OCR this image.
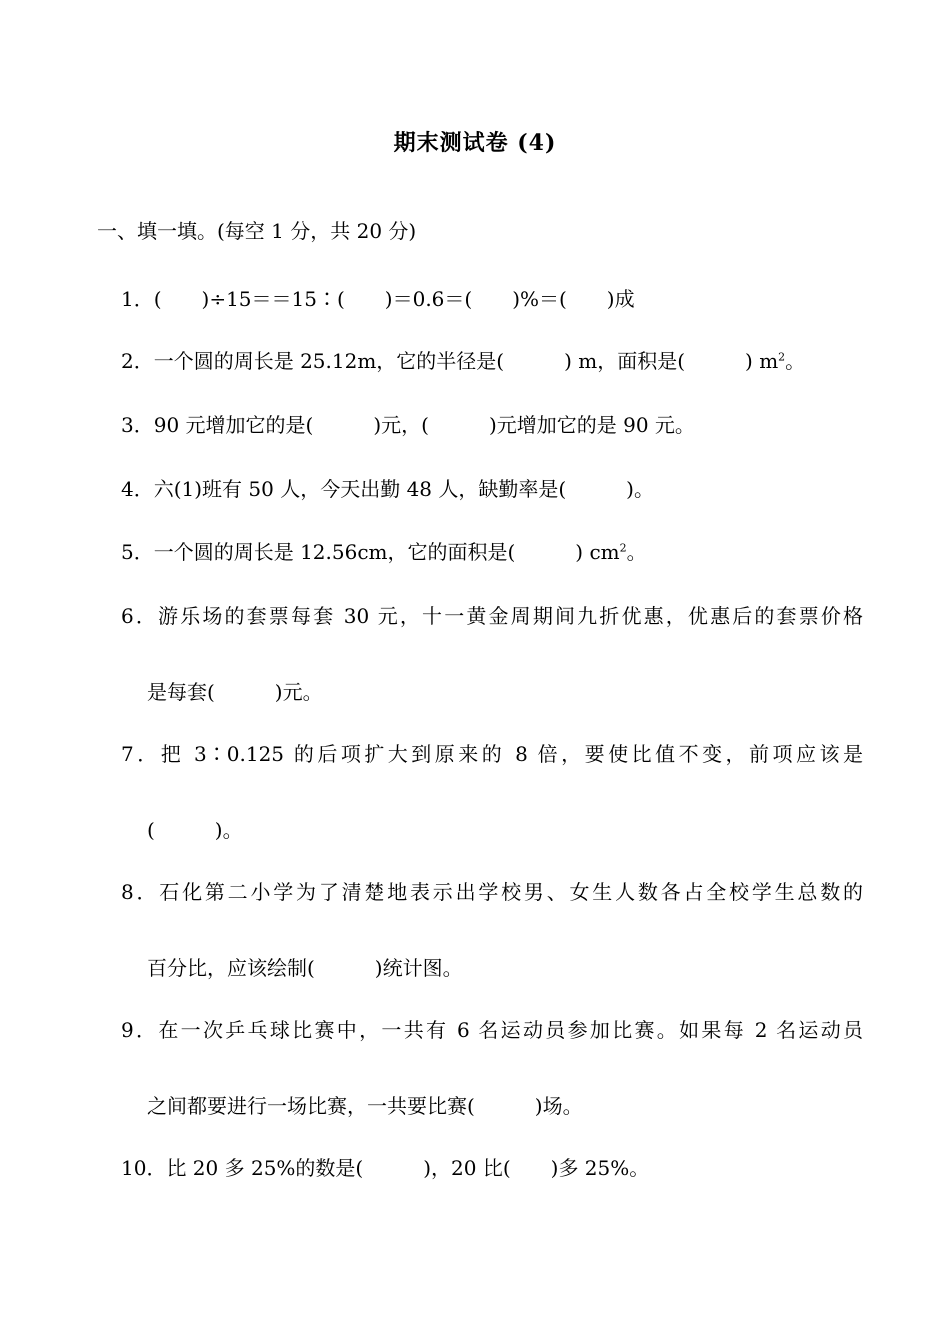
期末测试卷 (4)
一、填一填。(每空 1 分，共 20 分)
1．(　　)÷15＝＝15∶(　　)＝0.6＝(　　)%＝(　　)成
2．一个圆的周长是 25.12m，它的半径是(　　　) m，面积是(　　　) $m^2$。
3．90 元增加它的是(　　　)元，(　　　)元增加它的是 90 元。
4．六(1)班有 50 人，今天出勤 48 人，缺勤率是(　　　)。
5．一个圆的周长是 12.56cm，它的面积是(　　　) $cm^2$。
6．游乐场的套票每套 30 元，十一黄金周期间九折优惠，优惠后的套票价格
是每套(　　　)元。
7．把 3∶0.125 的后项扩大到原来的 8 倍，要使比值不变，前项应该是
(　　　)。
8．石化第二小学为了清楚地表示出学校男、女生人数各占全校学生总数的
百分比，应该绘制(　　　)统计图。
9．在一次乒乓球比赛中，一共有 6 名运动员参加比赛。如果每 2 名运动员
之间都要进行一场比赛，一共要比赛(　　　)场。
10．比 20 多 25%的数是(　　　)，20 比(　　)多 25%。
